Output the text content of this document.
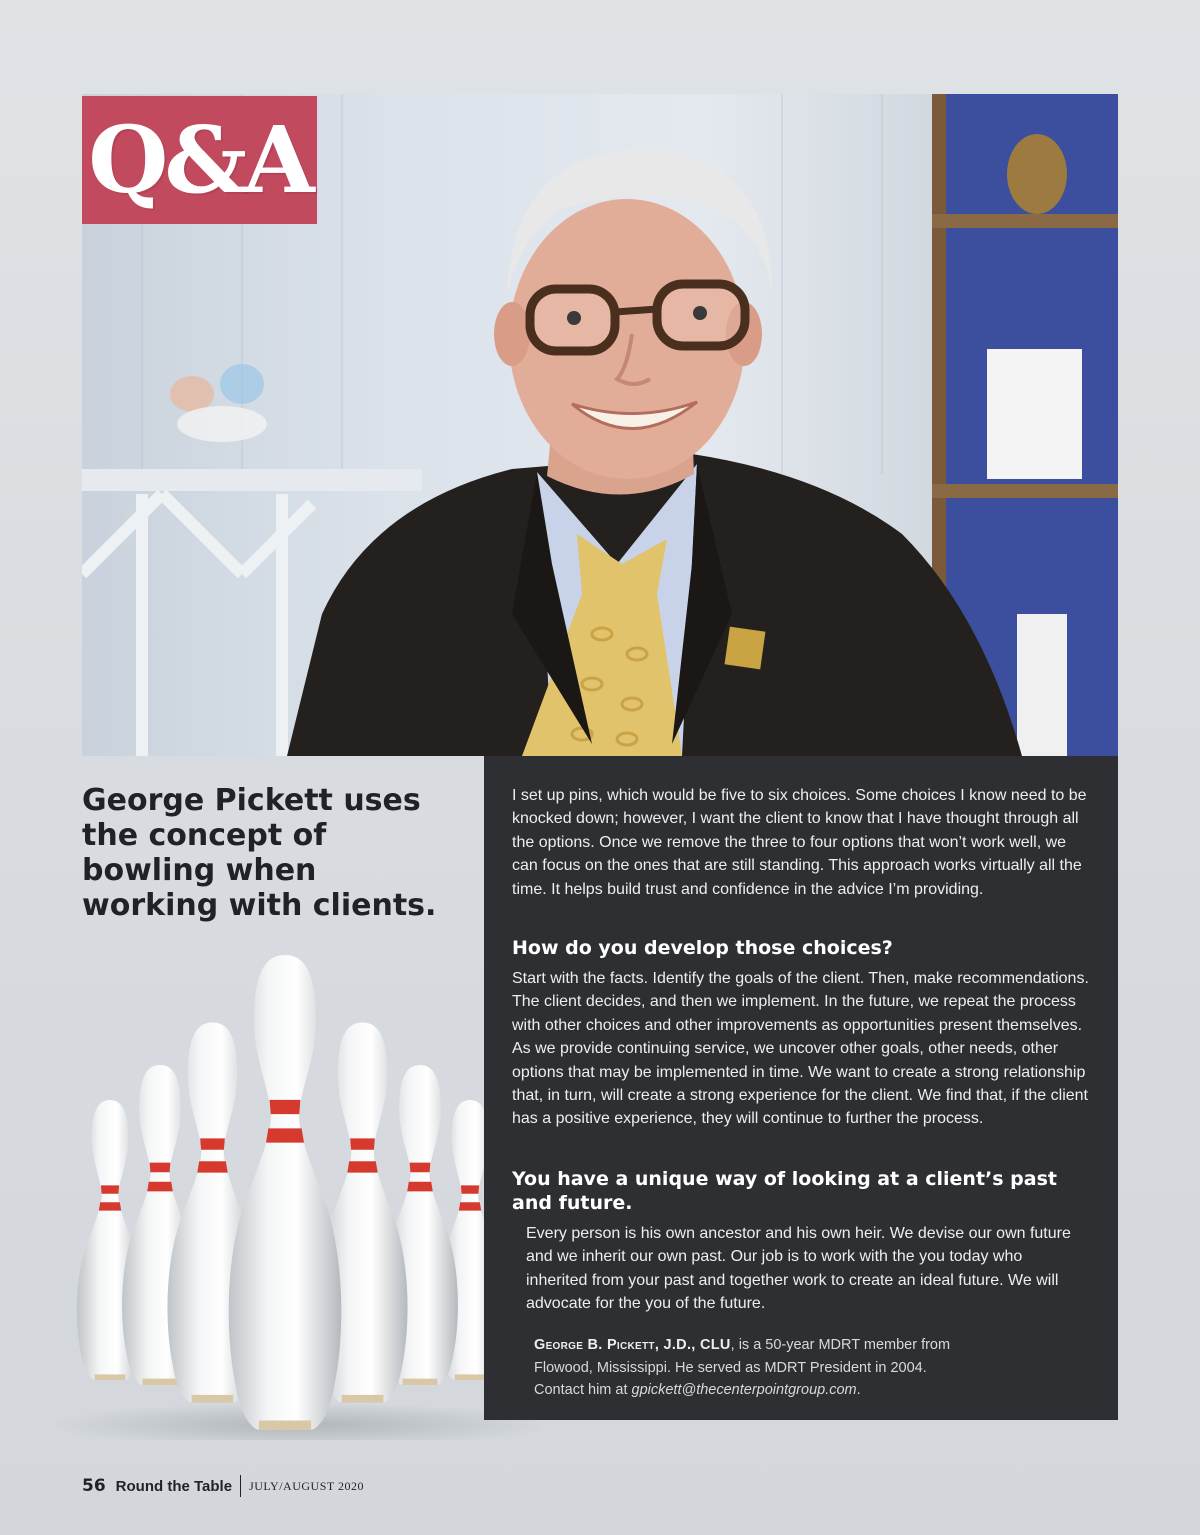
Q&A
George Pickett uses the concept of bowling when working with clients.

I set up pins, which would be five to six choices. Some choices I know need to be knocked down; however, I want the client to know that I have thought through all the options. Once we remove the three to four options that won’t work well, we can focus on the ones that are still standing. This approach works virtually all the time. It helps build trust and confidence in the advice I’m providing.

How do you develop those choices?

Start with the facts. Identify the goals of the client. Then, make recommendations. The client decides, and then we implement. In the future, we repeat the process with other choices and other improvements as opportunities present themselves. As we provide continuing service, we uncover other goals, other needs, other options that may be implemented in time. We want to create a strong relationship that, in turn, will create a strong experience for the client. We find that, if the client has a positive experience, they will continue to further the process.

You have a unique way of looking at a client’s past and future.

Every person is his own ancestor and his own heir. We devise our own future and we inherit our own past. Our job is to work with the you today who inherited from your past and together work to create an ideal future. We will advocate for the you of the future.

George B. Pickett, J.D., CLU, is a 50-year MDRT member from Flowood, Mississippi. He served as MDRT President in 2004. Contact him at gpickett@thecenterpointgroup.com.

56 Round the Table JULY/AUGUST 2020
